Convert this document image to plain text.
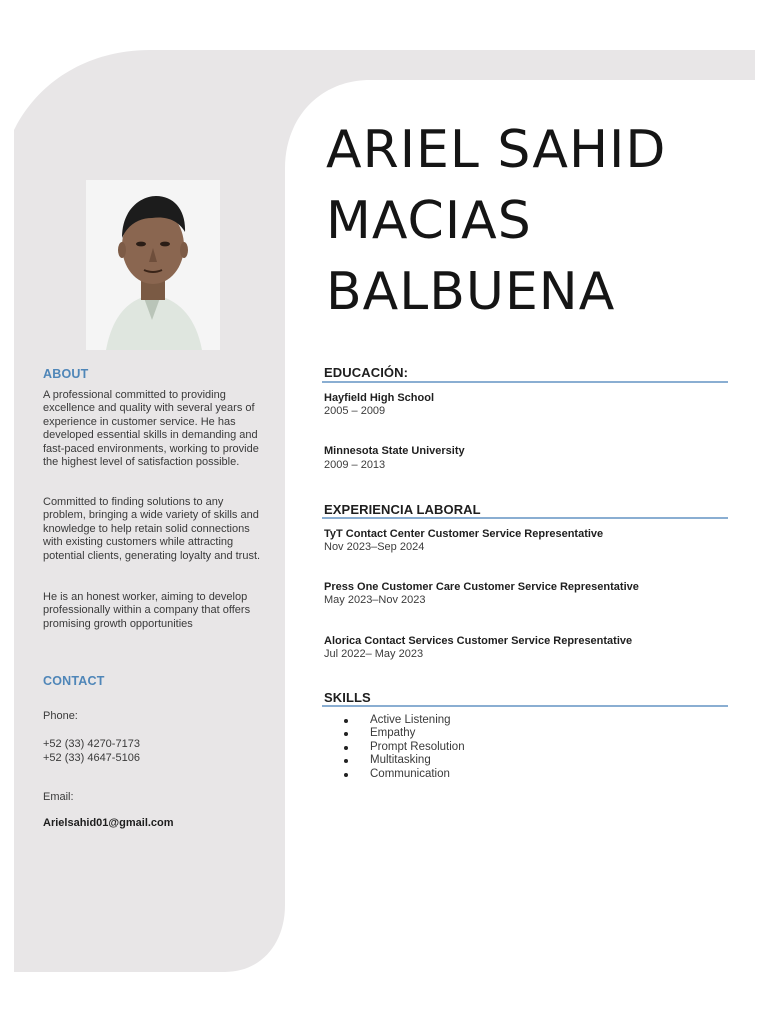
ABOUT
A professional committed to providing excellence and quality with several years of experience in customer service. He has developed essential skills in demanding and fast-paced environments, working to provide the highest level of satisfaction possible.
Committed to finding solutions to any problem, bringing a wide variety of skills and knowledge to help retain solid connections with existing customers while attracting potential clients, generating loyalty and trust.
He is an honest worker, aiming to develop professionally within a company that offers promising growth opportunities
CONTACT
Phone:
+52 (33) 4270-7173
+52 (33) 4647-5106
Email:
Arielsahid01@gmail.com
ARIEL SAHID
MACIAS
BALBUENA
EDUCACIÓN:
Hayfield High School
2005 – 2009
Minnesota State University
2009 – 2013
EXPERIENCIA LABORAL
TyT Contact Center Customer Service Representative
Nov 2023–Sep 2024
Press One Customer Care Customer Service Representative
May 2023–Nov 2023
Alorica Contact Services Customer Service Representative
Jul 2022– May 2023
SKILLS
Active Listening
Empathy
Prompt Resolution
Multitasking
Communication
